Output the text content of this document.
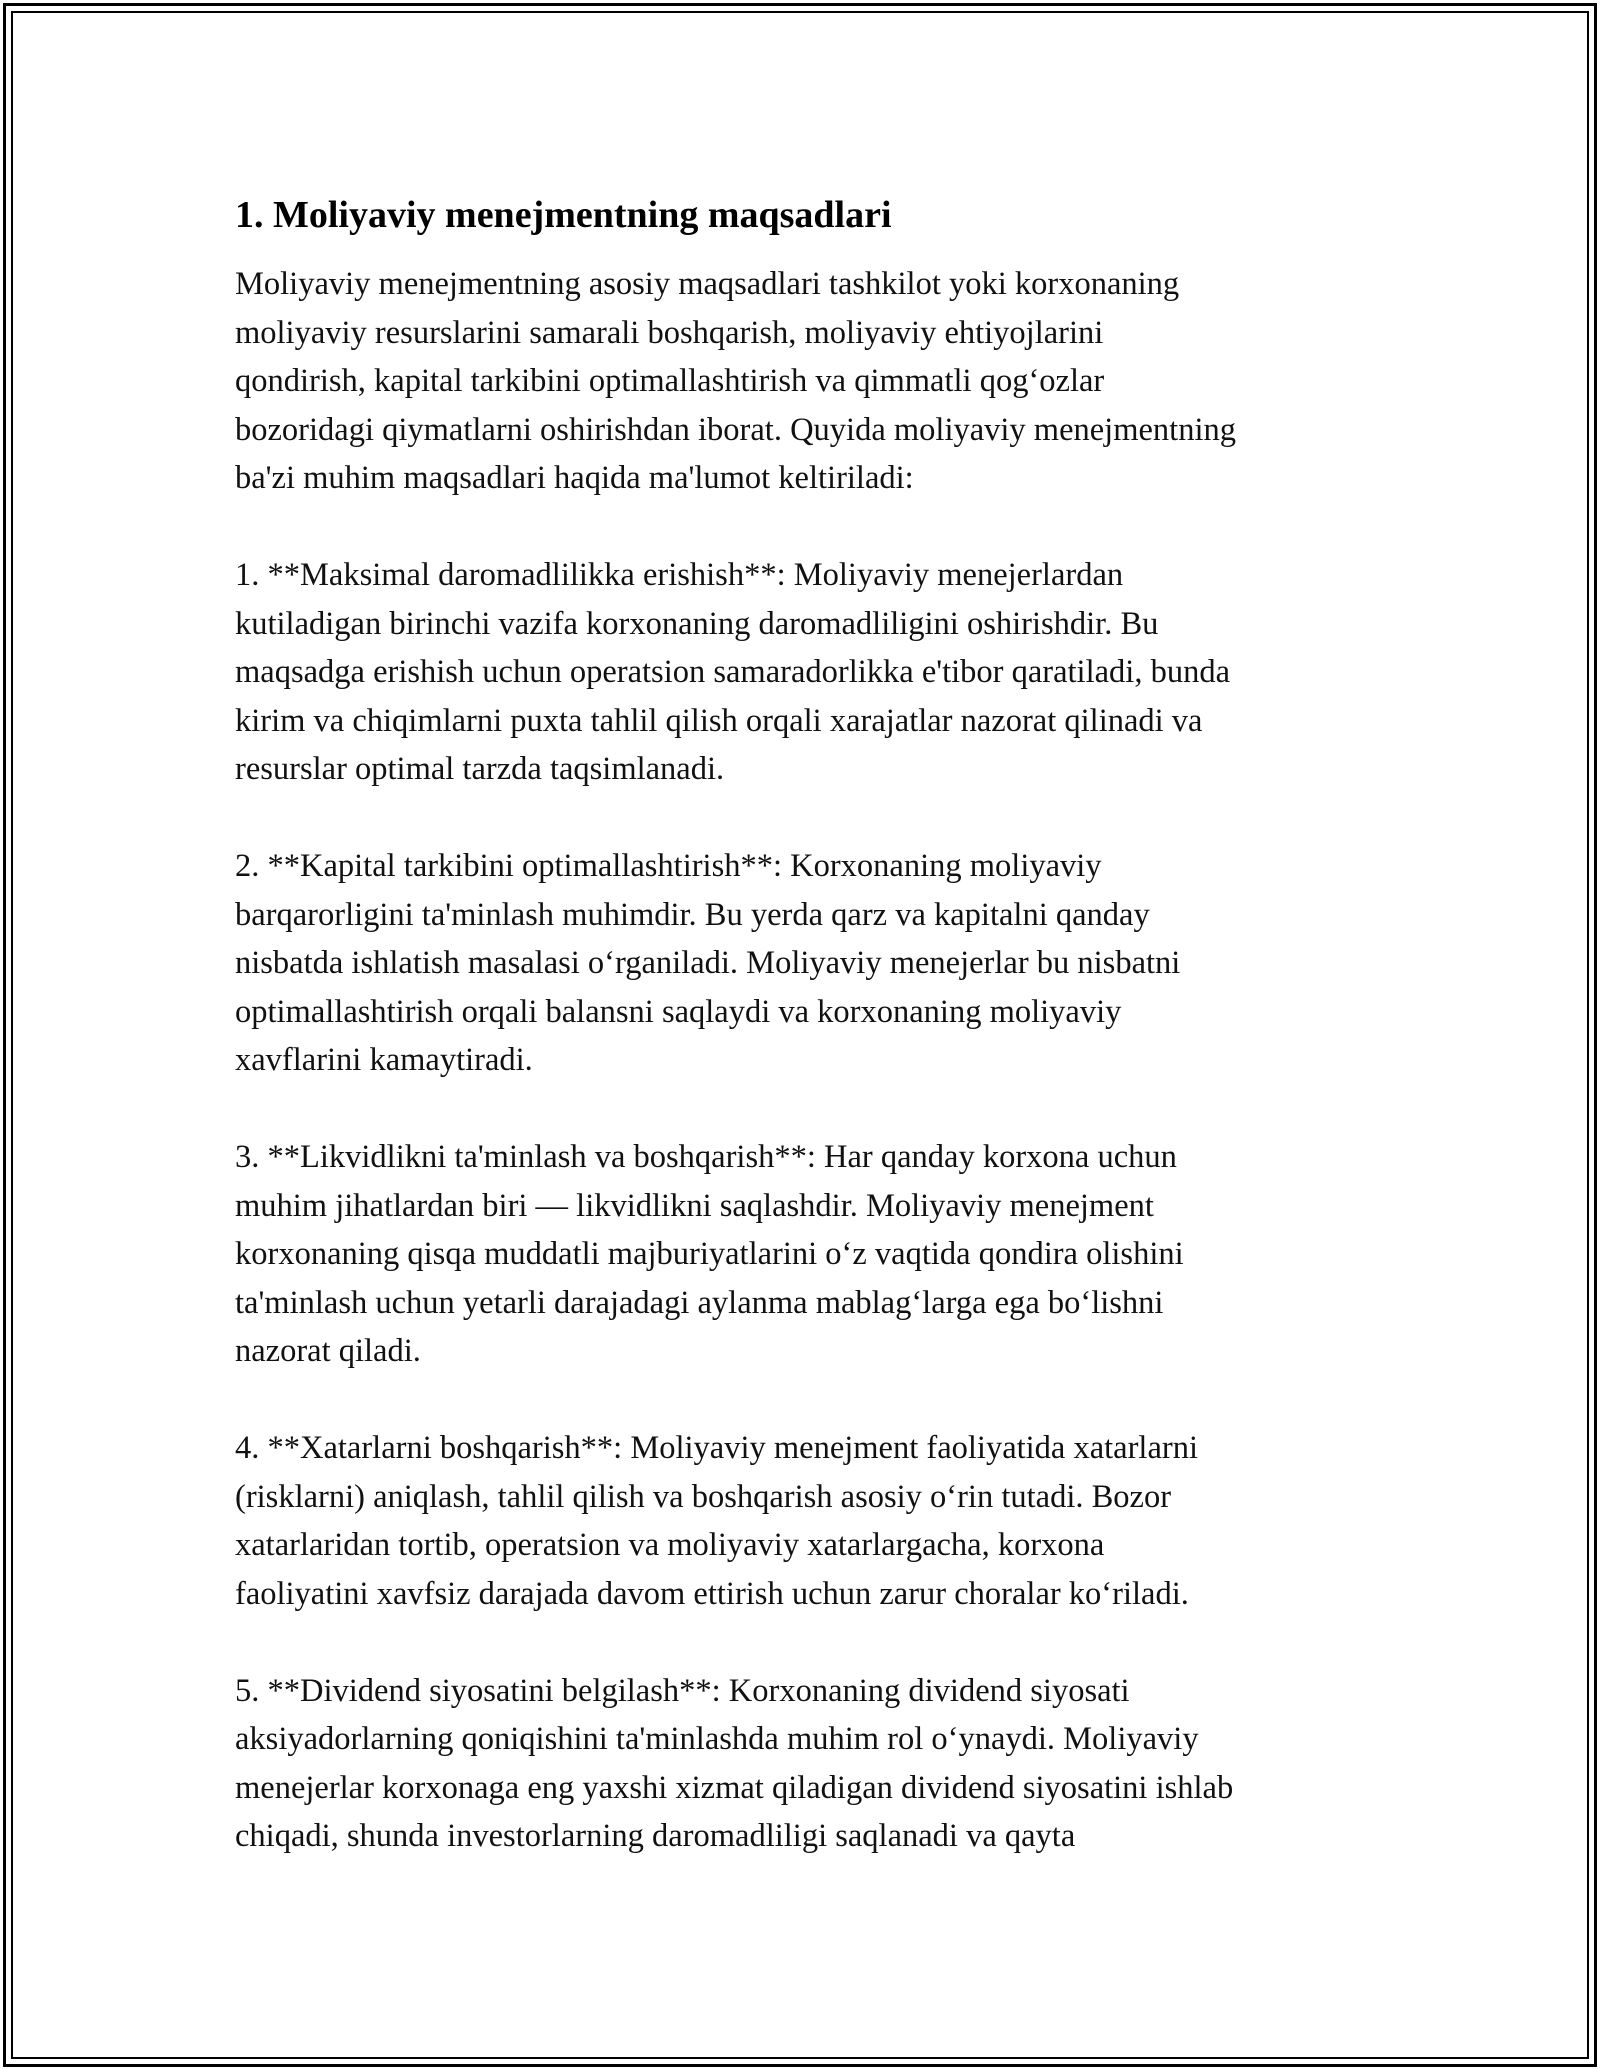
1. Moliyaviy menejmentning maqsadlari

Moliyaviy menejmentning asosiy maqsadlari tashkilot yoki korxonaning
moliyaviy resurslarini samarali boshqarish, moliyaviy ehtiyojlarini
qondirish, kapital tarkibini optimallashtirish va qimmatli qog‘ozlar
bozoridagi qiymatlarni oshirishdan iborat. Quyida moliyaviy menejmentning
ba'zi muhim maqsadlari haqida ma'lumot keltiriladi:

1. **Maksimal daromadlilikka erishish**: Moliyaviy menejerlardan
kutiladigan birinchi vazifa korxonaning daromadliligini oshirishdir. Bu
maqsadga erishish uchun operatsion samaradorlikka e'tibor qaratiladi, bunda
kirim va chiqimlarni puxta tahlil qilish orqali xarajatlar nazorat qilinadi va
resurslar optimal tarzda taqsimlanadi.

2. **Kapital tarkibini optimallashtirish**: Korxonaning moliyaviy
barqarorligini ta'minlash muhimdir. Bu yerda qarz va kapitalni qanday
nisbatda ishlatish masalasi o‘rganiladi. Moliyaviy menejerlar bu nisbatni
optimallashtirish orqali balansni saqlaydi va korxonaning moliyaviy
xavflarini kamaytiradi.

3. **Likvidlikni ta'minlash va boshqarish**: Har qanday korxona uchun
muhim jihatlardan biri — likvidlikni saqlashdir. Moliyaviy menejment
korxonaning qisqa muddatli majburiyatlarini o‘z vaqtida qondira olishini
ta'minlash uchun yetarli darajadagi aylanma mablag‘larga ega bo‘lishni
nazorat qiladi.

4. **Xatarlarni boshqarish**: Moliyaviy menejment faoliyatida xatarlarni
(risklarni) aniqlash, tahlil qilish va boshqarish asosiy o‘rin tutadi. Bozor
xatarlaridan tortib, operatsion va moliyaviy xatarlargacha, korxona
faoliyatini xavfsiz darajada davom ettirish uchun zarur choralar ko‘riladi.

5. **Dividend siyosatini belgilash**: Korxonaning dividend siyosati
aksiyadorlarning qoniqishini ta'minlashda muhim rol o‘ynaydi. Moliyaviy
menejerlar korxonaga eng yaxshi xizmat qiladigan dividend siyosatini ishlab
chiqadi, shunda investorlarning daromadliligi saqlanadi va qayta
